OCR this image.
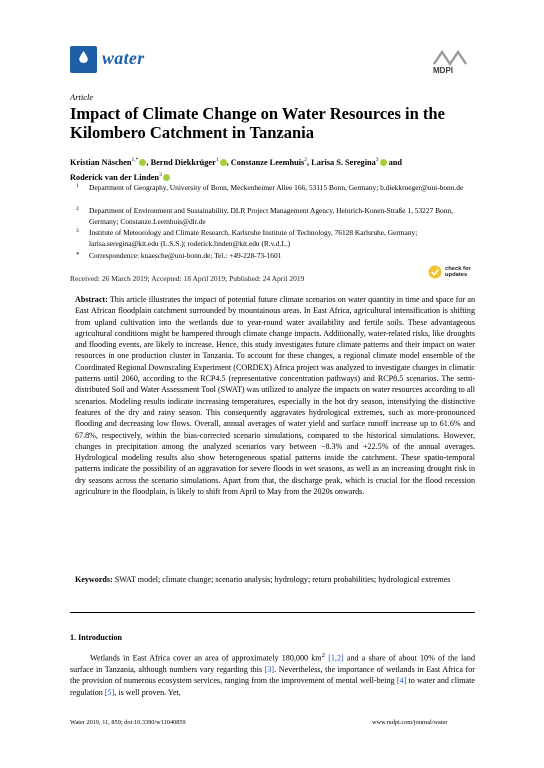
water
MDPI
Article
Impact of Climate Change on Water Resources in the Kilombero Catchment in Tanzania
Kristian Näschen$^{1,*}$ , Bernd Diekkrüger$^1$ , Constanze Leemhuis$^2$, Larisa S. Seregina$^3$ and
Roderick van der Linden$^3$
1 Department of Geography, University of Bonn, Meckenheimer Allee 166, 53115 Bonn, Germany; b.diekkrueger@uni-bonn.de
2 Department of Environment and Sustainability, DLR Project Management Agency, Heinrich-Konen-Straße 1, 53227 Bonn, Germany; Constanze.Leemhuis@dlr.de
3 Institute of Meteorology and Climate Research, Karlsruhe Institute of Technology, 76128 Karlsruhe, Germany; larisa.seregina@kit.edu (L.S.S.); roderick.linden@kit.edu (R.v.d.L.)
* Correspondence: knaesche@uni-bonn.de; Tel.: +49-228-73-1601
Received: 26 March 2019; Accepted: 18 April 2019; Published: 24 April 2019
check for
updates
Abstract: This article illustrates the impact of potential future climate scenarios on water quantity in time and space for an East African floodplain catchment surrounded by mountainous areas. In East Africa, agricultural intensification is shifting from upland cultivation into the wetlands due to year-round water availability and fertile soils. These advantageous agricultural conditions might be hampered through climate change impacts. Additionally, water-related risks, like droughts and flooding events, are likely to increase. Hence, this study investigates future climate patterns and their impact on water resources in one production cluster in Tanzania. To account for these changes, a regional climate model ensemble of the Coordinated Regional Downscaling Experiment (CORDEX) Africa project was analyzed to investigate changes in climatic patterns until 2060, according to the RCP4.5 (representative concentration pathways) and RCP8.5 scenarios. The semi-distributed Soil and Water Assessment Tool (SWAT) was utilized to analyze the impacts on water resources according to all scenarios. Modeling results indicate increasing temperatures, especially in the hot dry season, intensifying the distinctive features of the dry and rainy season. This consequently aggravates hydrological extremes, such as more-pronounced flooding and decreasing low flows. Overall, annual averages of water yield and surface runoff increase up to 61.6% and 67.8%, respectively, within the bias-corrected scenario simulations, compared to the historical simulations. However, changes in precipitation among the analyzed scenarios vary between −8.3% and +22.5% of the annual averages. Hydrological modeling results also show heterogeneous spatial patterns inside the catchment. These spatio-temporal patterns indicate the possibility of an aggravation for severe floods in wet seasons, as well as an increasing drought risk in dry seasons across the scenario simulations. Apart from that, the discharge peak, which is crucial for the flood recession agriculture in the floodplain, is likely to shift from April to May from the 2020s onwards.
Keywords: SWAT model; climate change; scenario analysis; hydrology; return probabilities; hydrological extremes
1. Introduction
Wetlands in East Africa cover an area of approximately 180,000 $km^2$ [1,2] and a share of about 10% of the land surface in Tanzania, although numbers vary regarding this [3]. Nevertheless, the importance of wetlands in East Africa for the provision of numerous ecosystem services, ranging from the improvement of mental well-being [4] to water and climate regulation [5], is well proven. Yet,
Water 2019, 11, 859; doi:10.3390/w11040859	www.mdpi.com/journal/water
